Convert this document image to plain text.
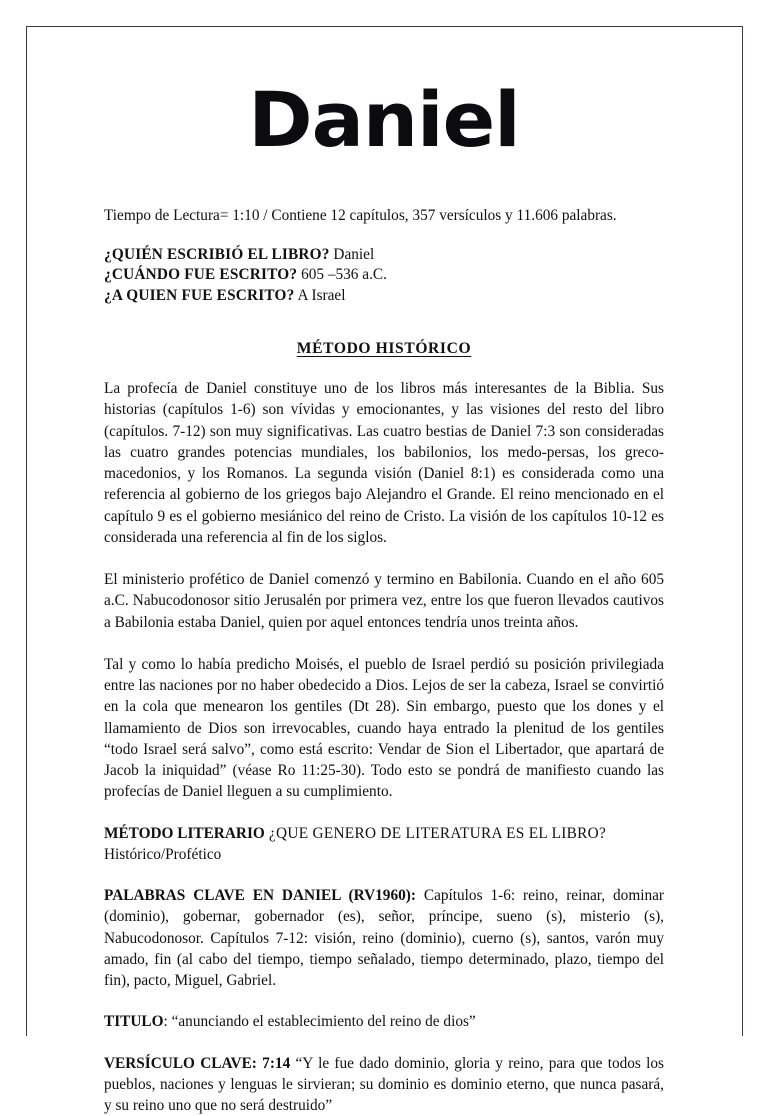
Daniel

Tiempo de Lectura= 1:10 / Contiene 12 capítulos, 357 versículos y 11.606 palabras.

¿QUIÉN ESCRIBIÓ EL LIBRO? Daniel

¿CUÁNDO FUE ESCRITO? 605 –536 a.C.

¿A QUIEN FUE ESCRITO? A Israel

MÉTODO HISTÓRICO

La profecía de Daniel constituye uno de los libros más interesantes de la Biblia. Sus historias (capítulos 1-6) son vívidas y emocionantes, y las visiones del resto del libro (capítulos. 7-12) son muy significativas. Las cuatro bestias de Daniel 7:3 son consideradas las cuatro grandes potencias mundiales, los babilonios, los medo-persas, los greco-macedonios, y los Romanos. La segunda visión (Daniel 8:1) es considerada como una referencia al gobierno de los griegos bajo Alejandro el Grande. El reino mencionado en el capítulo 9 es el gobierno mesiánico del reino de Cristo. La visión de los capítulos 10-12 es considerada una referencia al fin de los siglos.

El ministerio profético de Daniel comenzó y termino en Babilonia. Cuando en el año 605 a.C. Nabucodonosor sitio Jerusalén por primera vez, entre los que fueron llevados cautivos a Babilonia estaba Daniel, quien por aquel entonces tendría unos treinta años.

Tal y como lo había predicho Moisés, el pueblo de Israel perdió su posición privilegiada entre las naciones por no haber obedecido a Dios. Lejos de ser la cabeza, Israel se convirtió en la cola que menearon los gentiles (Dt 28). Sin embargo, puesto que los dones y el llamamiento de Dios son irrevocables, cuando haya entrado la plenitud de los gentiles “todo Israel será salvo”, como está escrito: Vendar de Sion el Libertador, que apartará de Jacob la iniquidad” (véase Ro 11:25-30). Todo esto se pondrá de manifiesto cuando las profecías de Daniel lleguen a su cumplimiento.

MÉTODO LITERARIO ¿QUE GENERO DE LITERATURA ES EL LIBRO?
Histórico/Profético

PALABRAS CLAVE EN DANIEL (RV1960): Capítulos 1-6: reino, reinar, dominar (dominio), gobernar, gobernador (es), señor, príncipe, sueno (s), misterio (s), Nabucodonosor. Capítulos 7-12: visión, reino (dominio), cuerno (s), santos, varón muy amado, fin (al cabo del tiempo, tiempo señalado, tiempo determinado, plazo, tiempo del fin), pacto, Miguel, Gabriel.

TITULO: “anunciando el establecimiento del reino de dios”

VERSÍCULO CLAVE: 7:14 “Y le fue dado dominio, gloria y reino, para que todos los pueblos, naciones y lenguas le sirvieran; su dominio es dominio eterno, que nunca pasará, y su reino uno que no será destruido”
